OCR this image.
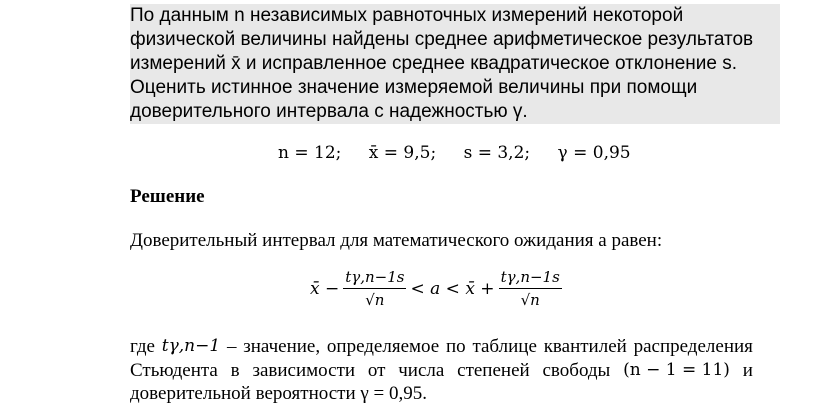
По данным n независимых равноточных измерений некоторой
физической величины найдены среднее арифметическое результатов
измерений x̄ и исправленное среднее квадратическое отклонение s.
Оценить истинное значение измеряемой величины при помощи
доверительного интервала с надежностью γ.
n = 12; x̄ = 9,5; s = 3,2; γ = 0,95
Решение
Доверительный интервал для математического ожидания a равен:
x̄ − $\frac{t\gamma,n-1s}{√n} < a$ < x̄ + $\frac{t\gamma,n-1s}{√n}$
где tγ,n−1 – значение, определяемое по таблице квантилей распределения
Стьюдента в зависимости от числа степеней свободы (n − 1 = 11) и
доверительной вероятности γ = 0,95.
